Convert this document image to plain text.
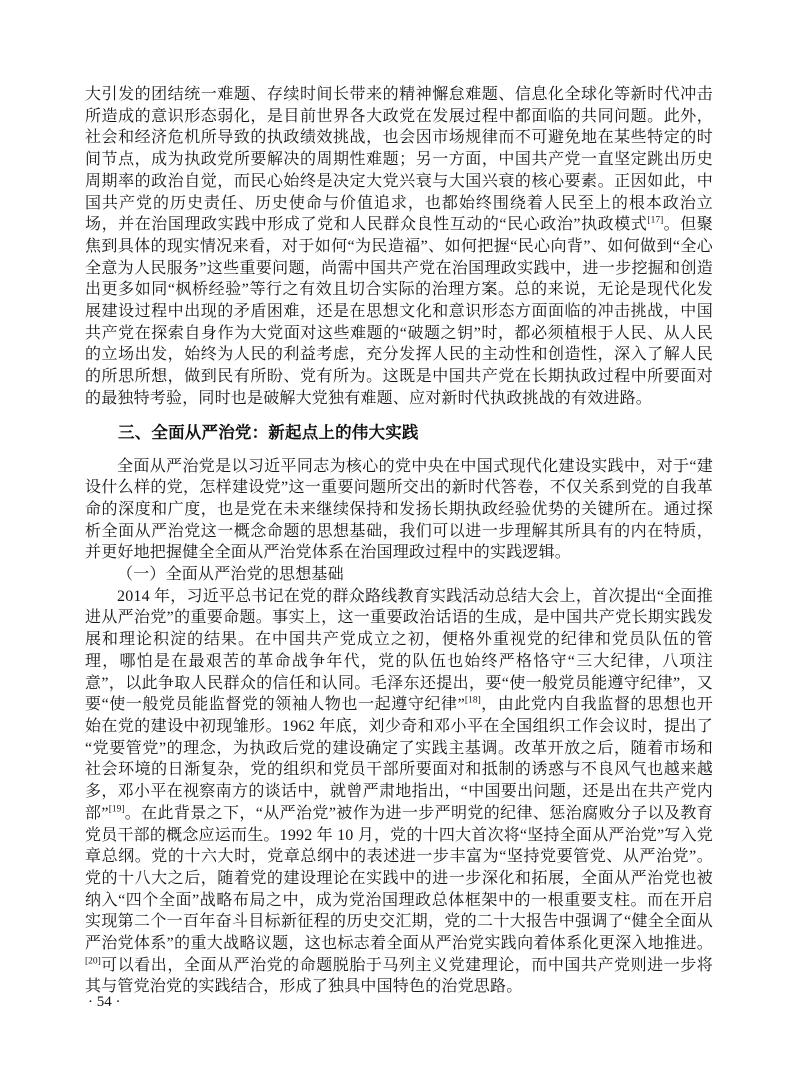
大引发的团结统一难题、存续时间长带来的精神懈怠难题、信息化全球化等新时代冲击所造成的意识形态弱化，是目前世界各大政党在发展过程中都面临的共同问题。此外，社会和经济危机所导致的执政绩效挑战，也会因市场规律而不可避免地在某些特定的时间节点，成为执政党所要解决的周期性难题；另一方面，中国共产党一直坚定跳出历史周期率的政治自觉，而民心始终是决定大党兴衰与大国兴衰的核心要素。正因如此，中国共产党的历史责任、历史使命与价值追求，也都始终围绕着人民至上的根本政治立场，并在治国理政实践中形成了党和人民群众良性互动的“民心政治”执政模式[17]。但聚焦到具体的现实情况来看，对于如何“为民造福”、如何把握“民心向背”、如何做到“全心全意为人民服务”这些重要问题，尚需中国共产党在治国理政实践中，进一步挖掘和创造出更多如同“枫桥经验”等行之有效且切合实际的治理方案。总的来说，无论是现代化发展建设过程中出现的矛盾困难，还是在思想文化和意识形态方面面临的冲击挑战，中国共产党在探索自身作为大党面对这些难题的“破题之钥”时，都必须植根于人民、从人民的立场出发，始终为人民的利益考虑，充分发挥人民的主动性和创造性，深入了解人民的所思所想，做到民有所盼、党有所为。这既是中国共产党在长期执政过程中所要面对的最独特考验，同时也是破解大党独有难题、应对新时代执政挑战的有效进路。

三、全面从严治党：新起点上的伟大实践

全面从严治党是以习近平同志为核心的党中央在中国式现代化建设实践中，对于“建设什么样的党，怎样建设党”这一重要问题所交出的新时代答卷，不仅关系到党的自我革命的深度和广度，也是党在未来继续保持和发扬长期执政经验优势的关键所在。通过探析全面从严治党这一概念命题的思想基础，我们可以进一步理解其所具有的内在特质，并更好地把握健全全面从严治党体系在治国理政过程中的实践逻辑。

（一）全面从严治党的思想基础

2014 年，习近平总书记在党的群众路线教育实践活动总结大会上，首次提出“全面推进从严治党”的重要命题。事实上，这一重要政治话语的生成，是中国共产党长期实践发展和理论积淀的结果。在中国共产党成立之初，便格外重视党的纪律和党员队伍的管理，哪怕是在最艰苦的革命战争年代，党的队伍也始终严格恪守“三大纪律，八项注意”，以此争取人民群众的信任和认同。毛泽东还提出，要“使一般党员能遵守纪律”，又要“使一般党员能监督党的领袖人物也一起遵守纪律”[18]，由此党内自我监督的思想也开始在党的建设中初现雏形。1962 年底，刘少奇和邓小平在全国组织工作会议时，提出了“党要管党”的理念，为执政后党的建设确定了实践主基调。改革开放之后，随着市场和社会环境的日渐复杂，党的组织和党员干部所要面对和抵制的诱惑与不良风气也越来越多，邓小平在视察南方的谈话中，就曾严肃地指出，“中国要出问题，还是出在共产党内部”[19]。在此背景之下，“从严治党”被作为进一步严明党的纪律、惩治腐败分子以及教育党员干部的概念应运而生。1992 年 10 月，党的十四大首次将“坚持全面从严治党”写入党章总纲。党的十六大时，党章总纲中的表述进一步丰富为“坚持党要管党、从严治党”。党的十八大之后，随着党的建设理论在实践中的进一步深化和拓展，全面从严治党也被纳入“四个全面”战略布局之中，成为党治国理政总体框架中的一根重要支柱。而在开启实现第二个一百年奋斗目标新征程的历史交汇期，党的二十大报告中强调了“健全全面从严治党体系”的重大战略议题，这也标志着全面从严治党实践向着体系化更深入地推进。[20]可以看出，全面从严治党的命题脱胎于马列主义党建理论，而中国共产党则进一步将其与管党治党的实践结合，形成了独具中国特色的治党思路。

· 54 ·
